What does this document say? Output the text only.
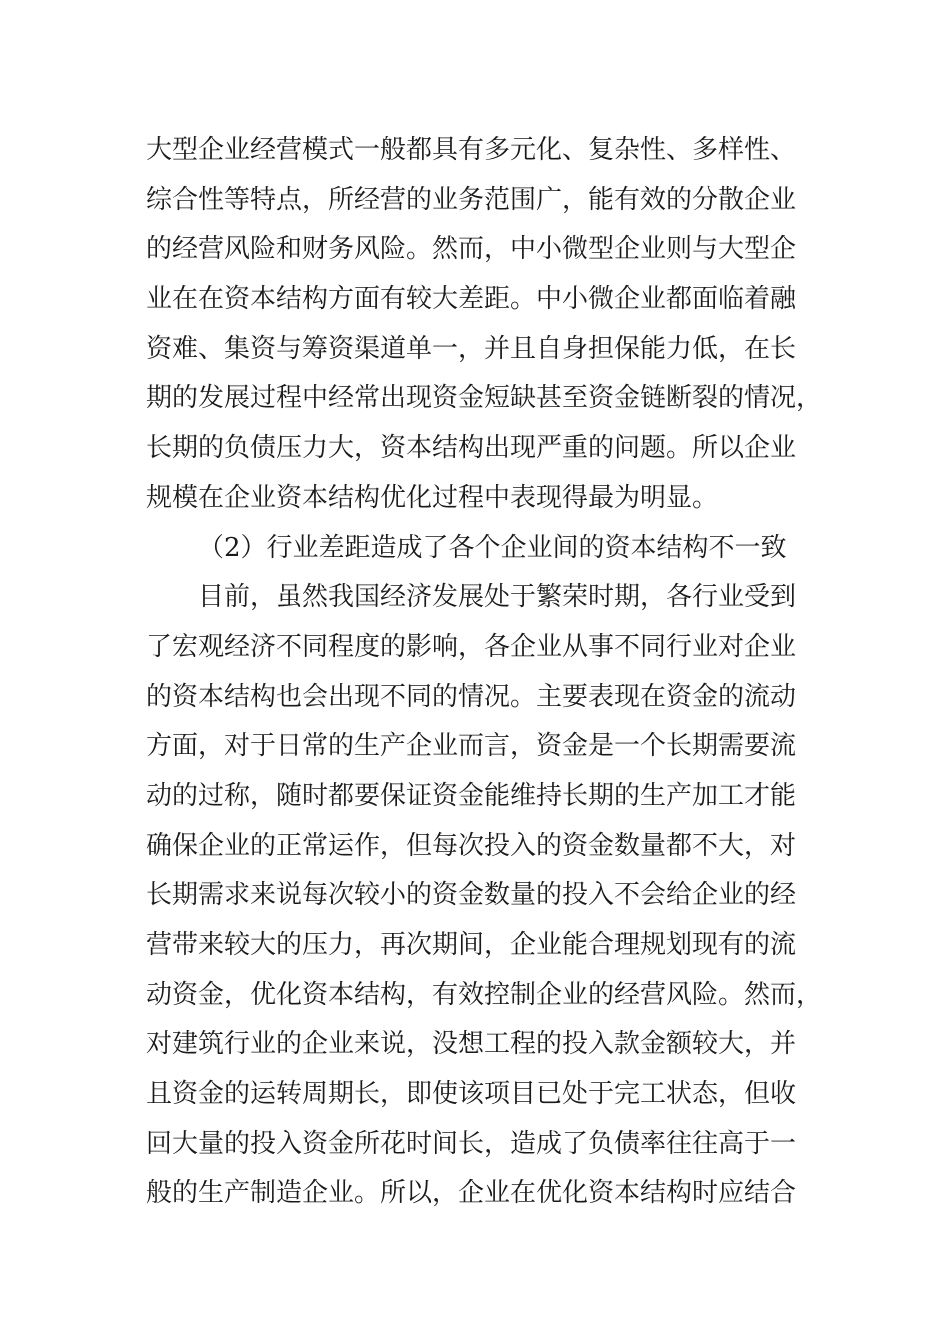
大型企业经营模式一般都具有多元化、复杂性、多样性、
综合性等特点，所经营的业务范围广，能有效的分散企业
的经营风险和财务风险。然而，中小微型企业则与大型企
业在在资本结构方面有较大差距。中小微企业都面临着融
资难、集资与筹资渠道单一，并且自身担保能力低，在长
期的发展过程中经常出现资金短缺甚至资金链断裂的情况，
长期的负债压力大，资本结构出现严重的问题。所以企业
规模在企业资本结构优化过程中表现得最为明显。
（2）行业差距造成了各个企业间的资本结构不一致
目前，虽然我国经济发展处于繁荣时期，各行业受到
了宏观经济不同程度的影响，各企业从事不同行业对企业
的资本结构也会出现不同的情况。主要表现在资金的流动
方面，对于日常的生产企业而言，资金是一个长期需要流
动的过称，随时都要保证资金能维持长期的生产加工才能
确保企业的正常运作，但每次投入的资金数量都不大，对
长期需求来说每次较小的资金数量的投入不会给企业的经
营带来较大的压力，再次期间，企业能合理规划现有的流
动资金，优化资本结构，有效控制企业的经营风险。然而，
对建筑行业的企业来说，没想工程的投入款金额较大，并
且资金的运转周期长，即使该项目已处于完工状态，但收
回大量的投入资金所花时间长，造成了负债率往往高于一
般的生产制造企业。所以，企业在优化资本结构时应结合
